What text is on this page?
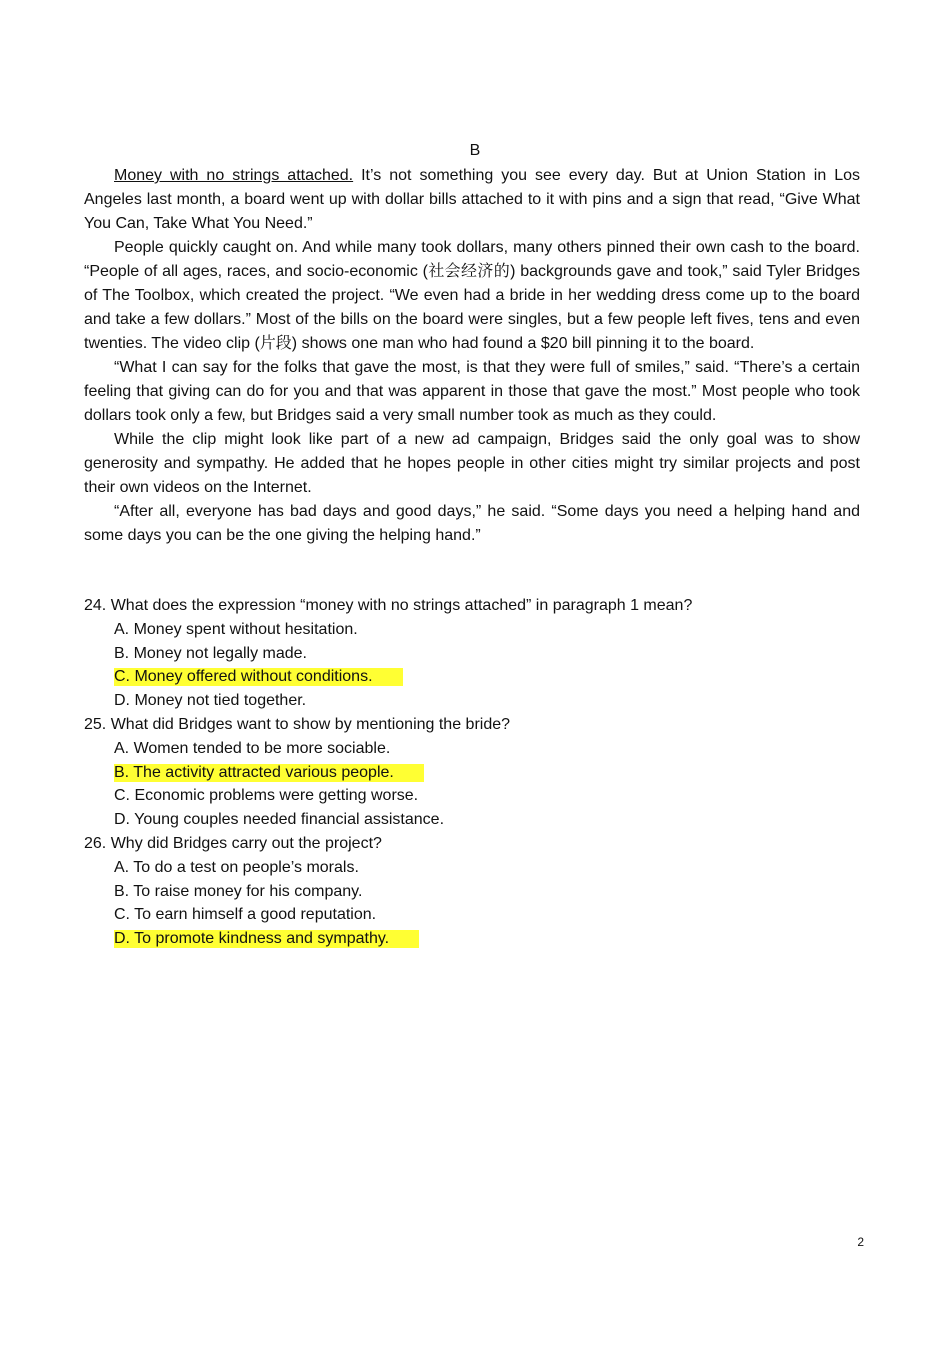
B

Money with no strings attached. It’s not something you see every day. But at Union Station in Los Angeles last month, a board went up with dollar bills attached to it with pins and a sign that read, “Give What You Can, Take What You Need.”

People quickly caught on. And while many took dollars, many others pinned their own cash to the board. “People of all ages, races, and socio-economic (社会经济的) backgrounds gave and took,” said Tyler Bridges of The Toolbox, which created the project. “We even had a bride in her wedding dress come up to the board and take a few dollars.” Most of the bills on the board were singles, but a few people left fives, tens and even twenties. The video clip (片段) shows one man who had found a $20 bill pinning it to the board.

“What I can say for the folks that gave the most, is that they were full of smiles,” said. “There’s a certain feeling that giving can do for you and that was apparent in those that gave the most.” Most people who took dollars took only a few, but Bridges said a very small number took as much as they could.

While the clip might look like part of a new ad campaign, Bridges said the only goal was to show generosity and sympathy. He added that he hopes people in other cities might try similar projects and post their own videos on the Internet.

“After all, everyone has bad days and good days,” he said. “Some days you need a helping hand and some days you can be the one giving the helping hand.”

24. What does the expression “money with no strings attached” in paragraph 1 mean?

A. Money spent without hesitation.

B. Money not legally made.

C. Money offered without conditions.

D. Money not tied together.

25. What did Bridges want to show by mentioning the bride?

A. Women tended to be more sociable.

B. The activity attracted various people.

C. Economic problems were getting worse.

D. Young couples needed financial assistance.

26. Why did Bridges carry out the project?

A. To do a test on people’s morals.

B. To raise money for his company.

C. To earn himself a good reputation.

D. To promote kindness and sympathy.

2
